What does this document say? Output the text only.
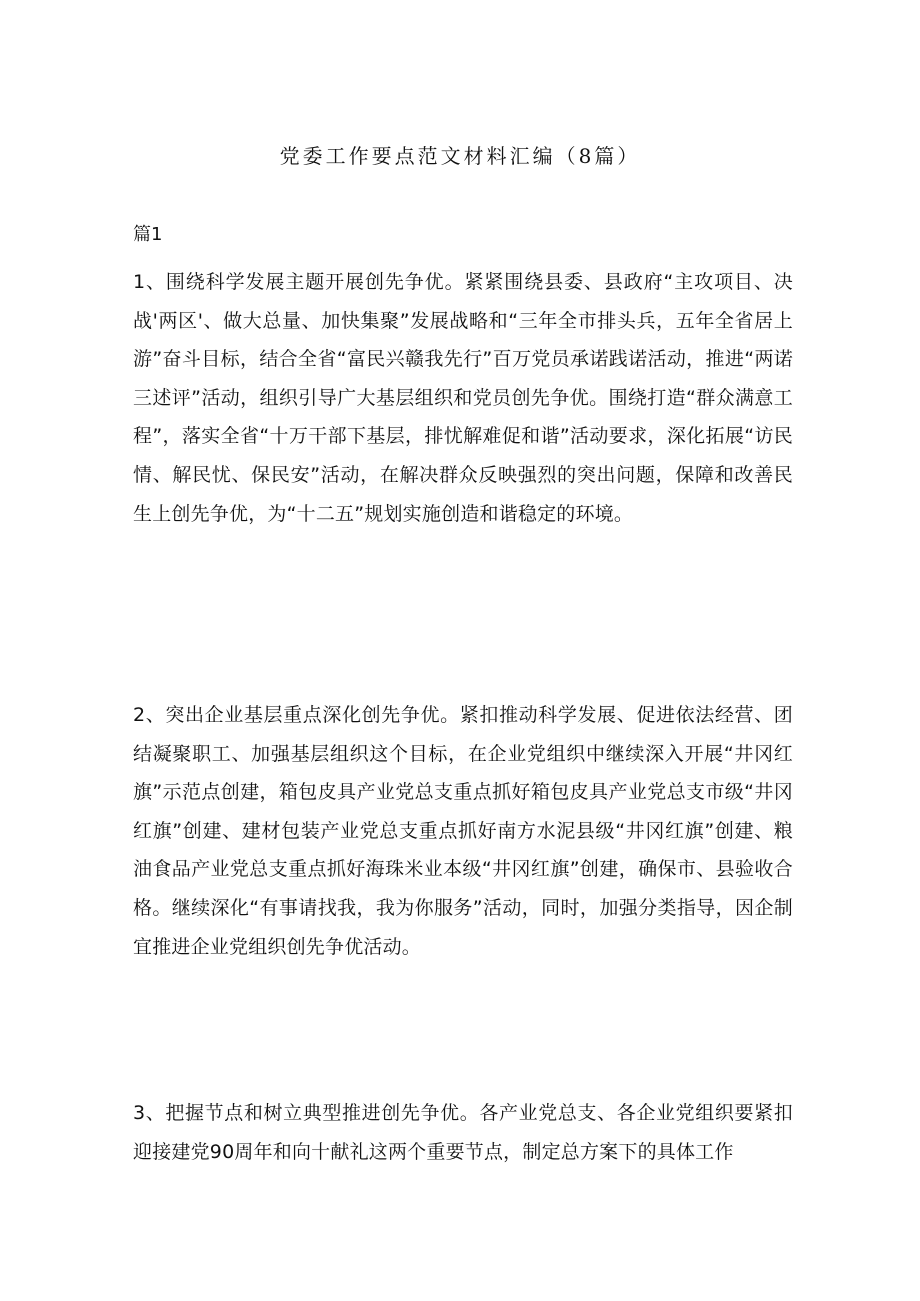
党委工作要点范文材料汇编（8篇）
篇1

1、围绕科学发展主题开展创先争优。紧紧围绕县委、县政府“主攻项目、决战'两区'、做大总量、加快集聚”发展战略和“三年全市排头兵，五年全省居上游”奋斗目标，结合全省“富民兴赣我先行”百万党员承诺践诺活动，推进“两诺三述评”活动，组织引导广大基层组织和党员创先争优。围绕打造“群众满意工程”，落实全省“十万干部下基层，排忧解难促和谐”活动要求，深化拓展“访民情、解民忧、保民安”活动，在解决群众反映强烈的突出问题，保障和改善民生上创先争优，为“十二五”规划实施创造和谐稳定的环境。

2、突出企业基层重点深化创先争优。紧扣推动科学发展、促进依法经营、团结凝聚职工、加强基层组织这个目标，在企业党组织中继续深入开展“井冈红旗”示范点创建，箱包皮具产业党总支重点抓好箱包皮具产业党总支市级“井冈红旗”创建、建材包装产业党总支重点抓好南方水泥县级“井冈红旗”创建、粮油食品产业党总支重点抓好海珠米业本级“井冈红旗”创建，确保市、县验收合格。继续深化“有事请找我，我为你服务”活动，同时，加强分类指导，因企制宜推进企业党组织创先争优活动。

3、把握节点和树立典型推进创先争优。各产业党总支、各企业党组织要紧扣迎接建党90周年和向十献礼这两个重要节点，制定总方案下的具体工作
